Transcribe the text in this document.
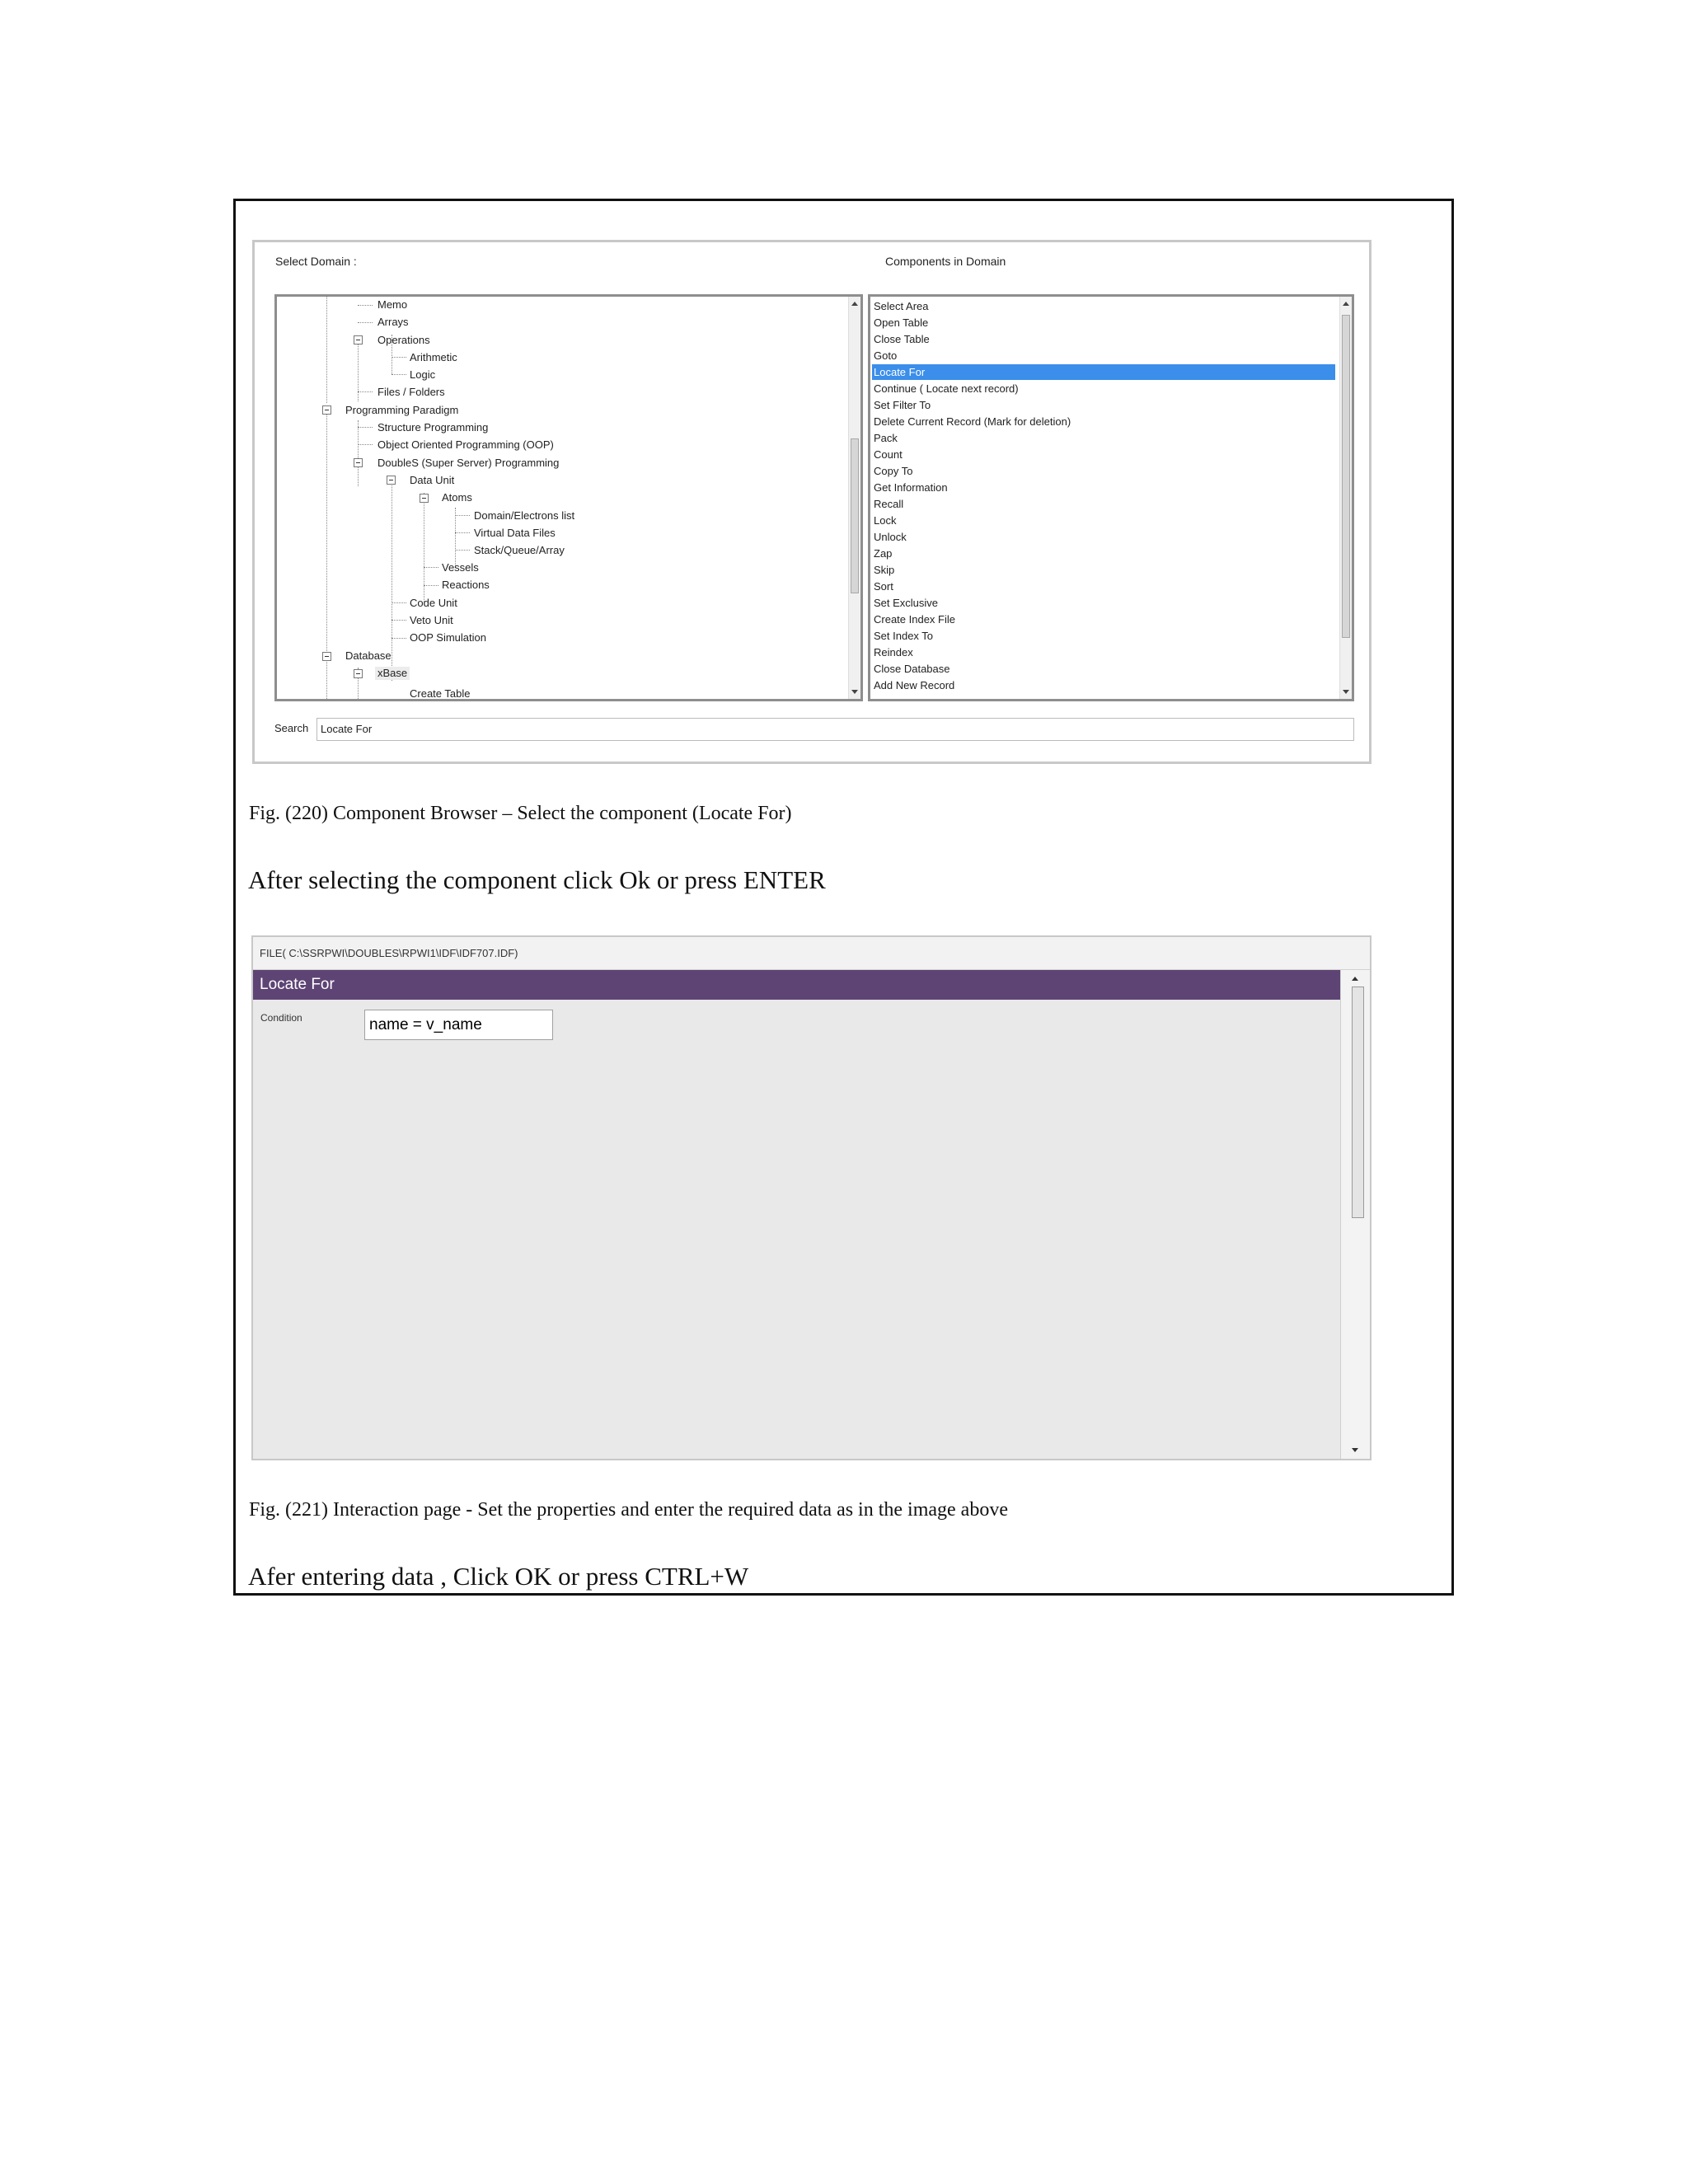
Select Domain :	Components in Domain
Memo
Arrays
Operations
Arithmetic
Logic
Files / Folders
Programming Paradigm
Structure Programming
Object Oriented Programming (OOP)
DoubleS (Super Server) Programming
Data Unit
Atoms
Domain/Electrons list
Virtual Data Files
Stack/Queue/Array
Vessels
Reactions
Code Unit
Veto Unit
OOP Simulation
Database
xBase
Create Table
Select Area
Open Table
Close Table
Goto
Locate For
Continue ( Locate next record)
Set Filter To
Delete Current Record (Mark for deletion)
Pack
Count
Copy To
Get Information
Recall
Lock
Unlock
Zap
Skip
Sort
Set Exclusive
Create Index File
Set Index To
Reindex
Close Database
Add New Record
Search	Locate For
Fig. (220) Component Browser – Select the component (Locate For)
After selecting the component click Ok or press ENTER
FILE( C:\SSRPWI\DOUBLES\RPWI1\IDF\IDF707.IDF)
Locate For
Condition	name = v_name
Fig. (221) Interaction page - Set the properties and enter the required data as in the image above
Afer entering data , Click OK or press CTRL+W
